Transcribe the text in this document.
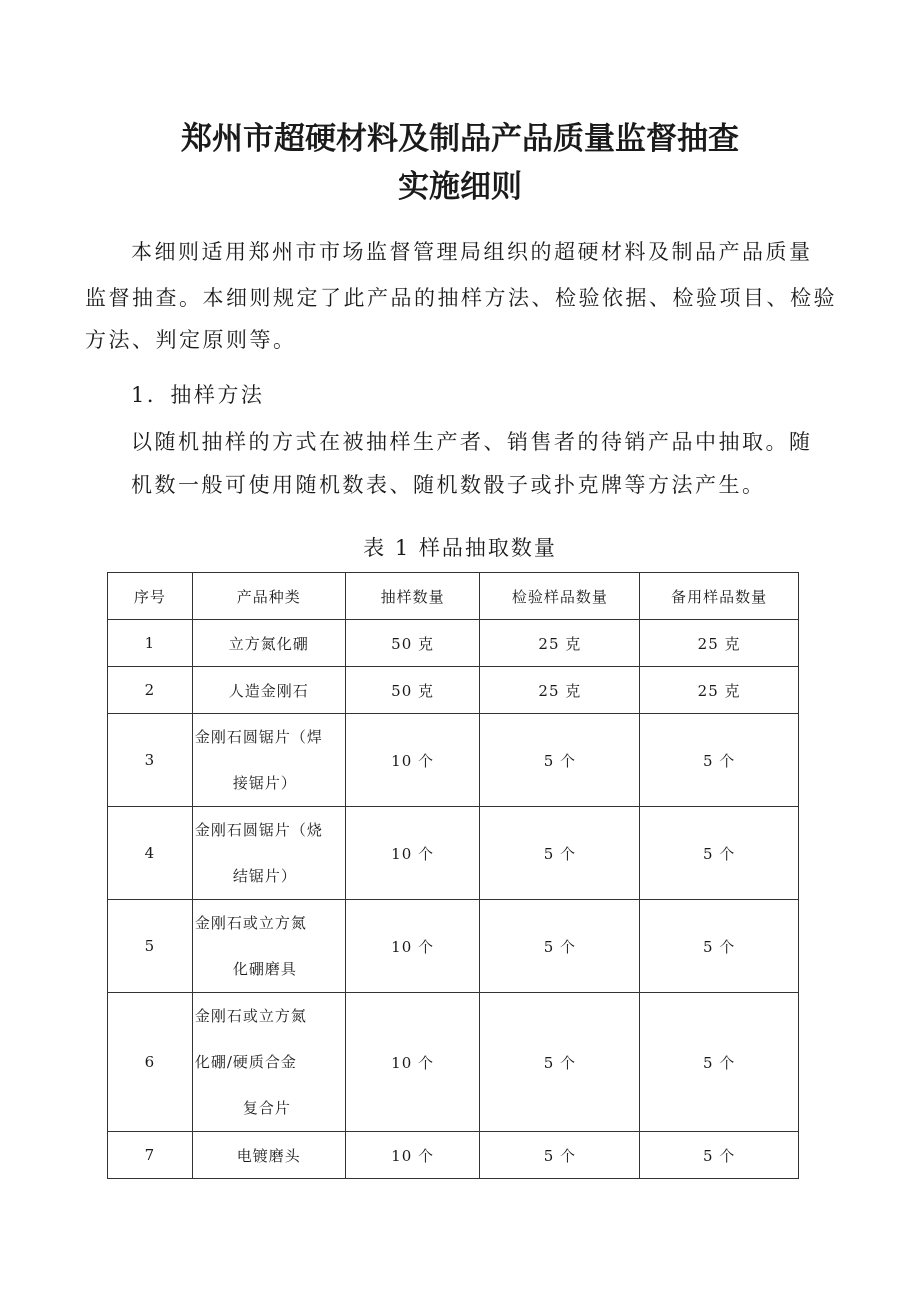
郑州市超硬材料及制品产品质量监督抽查
实施细则
本细则适用郑州市市场监督管理局组织的超硬材料及制品产品质量
监督抽查。本细则规定了此产品的抽样方法、检验依据、检验项目、检验
方法、判定原则等。
1．抽样方法
以随机抽样的方式在被抽样生产者、销售者的待销产品中抽取。随
机数一般可使用随机数表、随机数骰子或扑克牌等方法产生。
表 1 样品抽取数量
序号	产品种类	抽样数量	检验样品数量	备用样品数量
1	立方氮化硼	50 克	25 克	25 克
2	人造金刚石	50 克	25 克	25 克
3	金刚石圆锯片（焊
接锯片）	10 个	5 个	5 个
4	金刚石圆锯片（烧
结锯片）	10 个	5 个	5 个
5	金刚石或立方氮
化硼磨具	10 个	5 个	5 个
6	金刚石或立方氮
化硼/硬质合金
复合片	10 个	5 个	5 个
7	电镀磨头	10 个	5 个	5 个
